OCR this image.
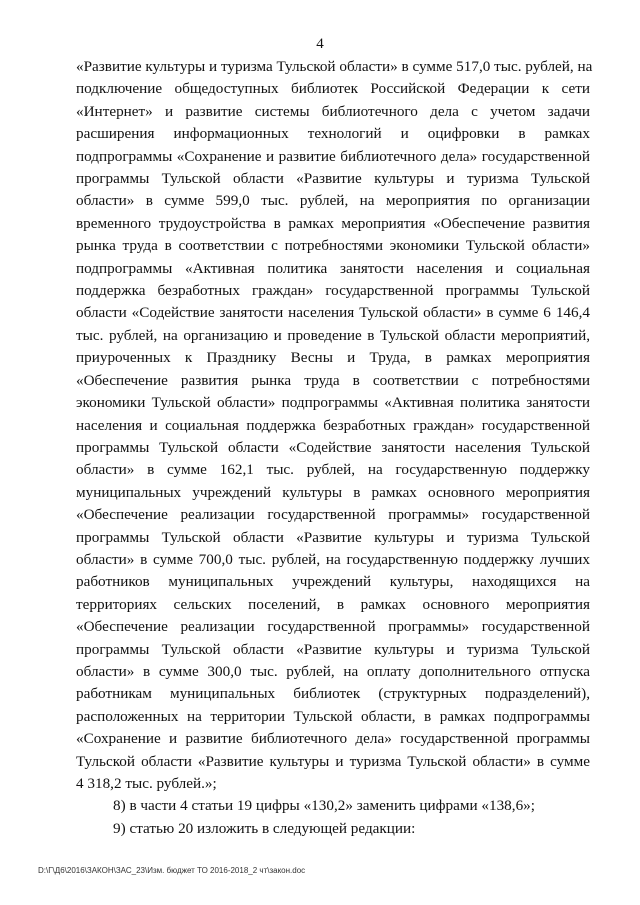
4
«Развитие культуры и туризма Тульской области» в сумме 517,0 тыс. рублей, на
подключение общедоступных библиотек Российской Федерации к сети
«Интернет» и развитие системы библиотечного дела с учетом задачи
расширения информационных технологий и оцифровки в рамках
подпрограммы «Сохранение и развитие библиотечного дела» государственной
программы Тульской области «Развитие культуры и туризма Тульской
области» в сумме 599,0 тыс. рублей, на мероприятия по организации
временного трудоустройства в рамках мероприятия «Обеспечение развития
рынка труда в соответствии с потребностями экономики Тульской области»
подпрограммы «Активная политика занятости населения и социальная
поддержка безработных граждан» государственной программы Тульской
области «Содействие занятости населения Тульской области» в сумме 6 146,4
тыс. рублей, на организацию и проведение в Тульской области мероприятий,
приуроченных к Празднику Весны и Труда, в рамках мероприятия
«Обеспечение развития рынка труда в соответствии с потребностями
экономики Тульской области» подпрограммы «Активная политика занятости
населения и социальная поддержка безработных граждан» государственной
программы Тульской области «Содействие занятости населения Тульской
области» в сумме 162,1 тыс. рублей, на государственную поддержку
муниципальных учреждений культуры в рамках основного мероприятия
«Обеспечение реализации государственной программы» государственной
программы Тульской области «Развитие культуры и туризма Тульской
области» в сумме 700,0 тыс. рублей, на государственную поддержку лучших
работников муниципальных учреждений культуры, находящихся на
территориях сельских поселений, в рамках основного мероприятия
«Обеспечение реализации государственной программы» государственной
программы Тульской области «Развитие культуры и туризма Тульской
области» в сумме 300,0 тыс. рублей, на оплату дополнительного отпуска
работникам муниципальных библиотек (структурных подразделений),
расположенных на территории Тульской области, в рамках подпрограммы
«Сохранение и развитие библиотечного дела» государственной программы
Тульской области «Развитие культуры и туризма Тульской области» в сумме
4 318,2 тыс. рублей.»;
8) в части 4 статьи 19 цифры «130,2» заменить цифрами «138,6»;
9) статью 20 изложить в следующей редакции:
D:\Г\Д6\2016\ЗАКОН\ЗАС_23\Изм. бюджет ТО 2016-2018_2 чт\закон.doc
